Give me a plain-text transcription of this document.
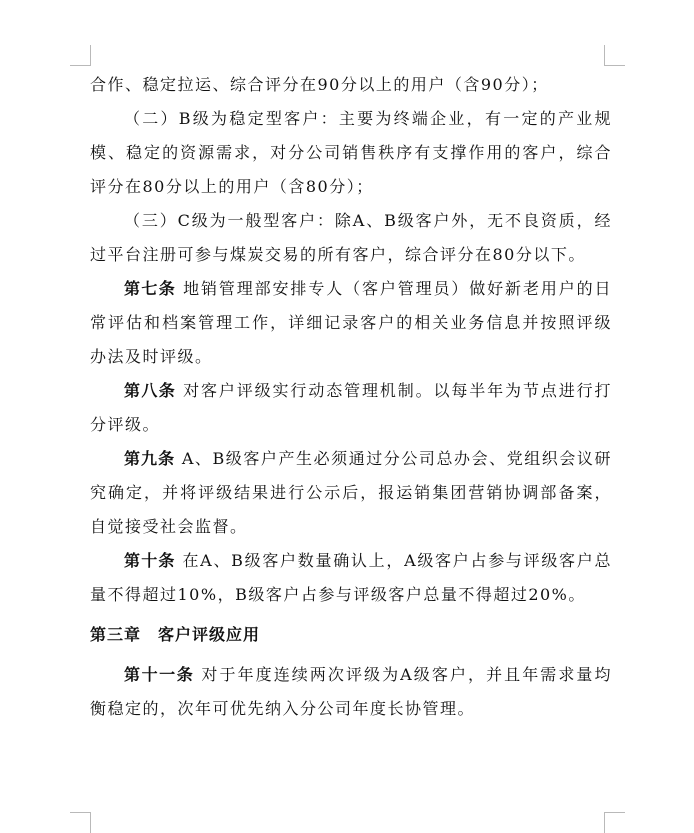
合作、稳定拉运、综合评分在90分以上的用户（含90分）；

（二）B级为稳定型客户：主要为终端企业，有一定的产业规模、稳定的资源需求，对分公司销售秩序有支撑作用的客户，综合评分在80分以上的用户（含80分）；

（三）C级为一般型客户：除A、B级客户外，无不良资质，经过平台注册可参与煤炭交易的所有客户，综合评分在80分以下。

第七条 地销管理部安排专人（客户管理员）做好新老用户的日常评估和档案管理工作，详细记录客户的相关业务信息并按照评级办法及时评级。

第八条 对客户评级实行动态管理机制。以每半年为节点进行打分评级。

第九条 A、B级客户产生必须通过分公司总办会、党组织会议研究确定，并将评级结果进行公示后，报运销集团营销协调部备案，自觉接受社会监督。

第十条 在A、B级客户数量确认上，A级客户占参与评级客户总量不得超过10%，B级客户占参与评级客户总量不得超过20%。

第三章　客户评级应用

第十一条 对于年度连续两次评级为A级客户，并且年需求量均衡稳定的，次年可优先纳入分公司年度长协管理。
